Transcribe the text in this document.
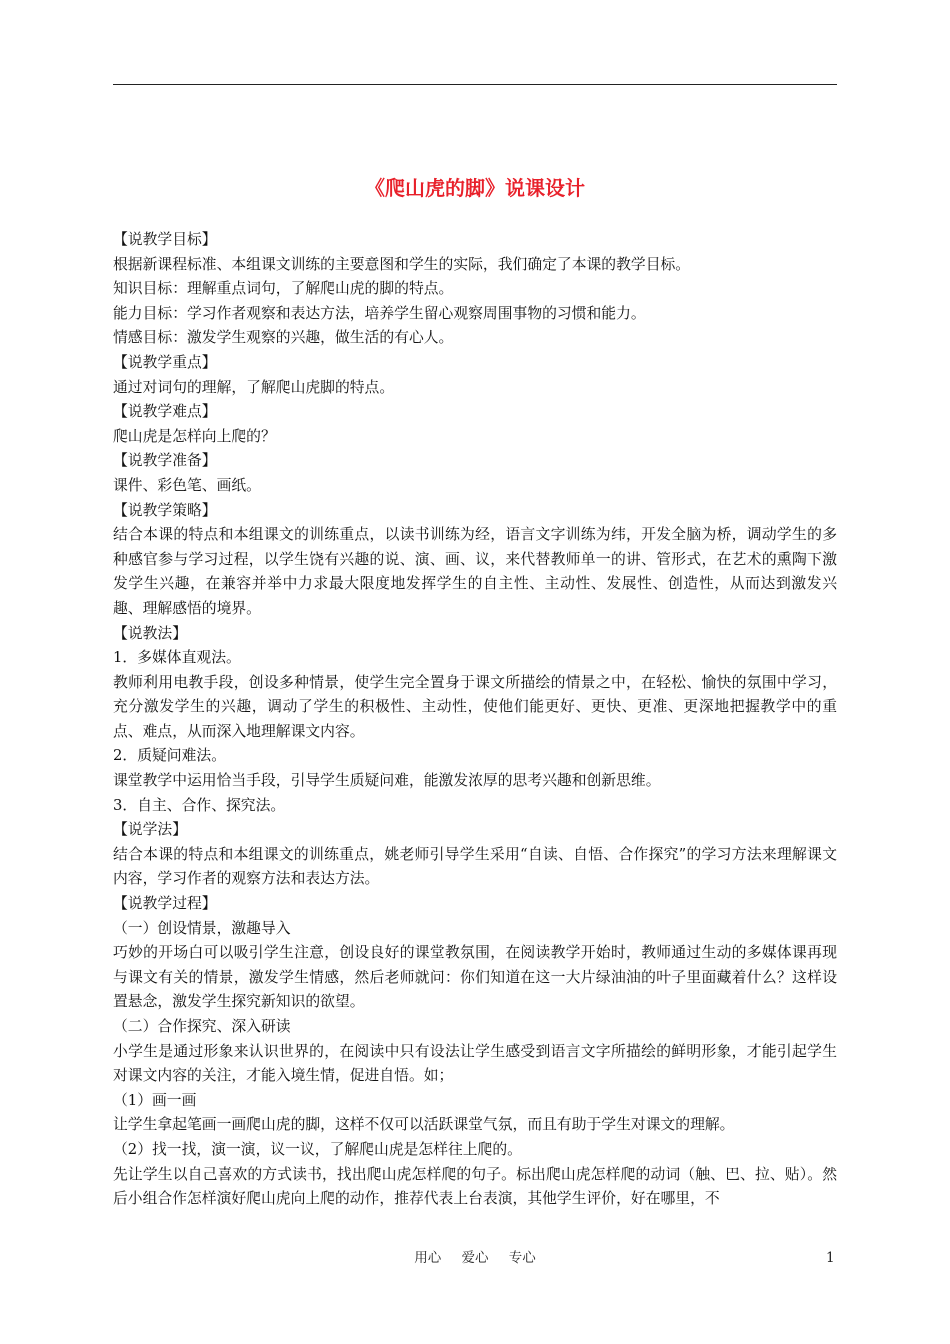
《爬山虎的脚》说课设计

【说教学目标】

根据新课程标准、本组课文训练的主要意图和学生的实际，我们确定了本课的教学目标。

知识目标：理解重点词句，了解爬山虎的脚的特点。

能力目标：学习作者观察和表达方法，培养学生留心观察周围事物的习惯和能力。

情感目标：激发学生观察的兴趣，做生活的有心人。

【说教学重点】

通过对词句的理解，了解爬山虎脚的特点。

【说教学难点】

爬山虎是怎样向上爬的？

【说教学准备】

课件、彩色笔、画纸。

【说教学策略】

结合本课的特点和本组课文的训练重点，以读书训练为经，语言文字训练为纬，开发全脑为桥，调动学生的多种感官参与学习过程，以学生饶有兴趣的说、演、画、议，来代替教师单一的讲、管形式，在艺术的熏陶下激发学生兴趣，在兼容并举中力求最大限度地发挥学生的自主性、主动性、发展性、创造性，从而达到激发兴趣、理解感悟的境界。

【说教法】

1．多媒体直观法。

教师利用电教手段，创设多种情景，使学生完全置身于课文所描绘的情景之中，在轻松、愉快的氛围中学习，充分激发学生的兴趣，调动了学生的积极性、主动性，使他们能更好、更快、更准、更深地把握教学中的重点、难点，从而深入地理解课文内容。

2．质疑问难法。

课堂教学中运用恰当手段，引导学生质疑问难，能激发浓厚的思考兴趣和创新思维。

3．自主、合作、探究法。

【说学法】

结合本课的特点和本组课文的训练重点，姚老师引导学生采用“自读、自悟、合作探究”的学习方法来理解课文内容，学习作者的观察方法和表达方法。

【说教学过程】

（一）创设情景，激趣导入

巧妙的开场白可以吸引学生注意，创设良好的课堂教氛围，在阅读教学开始时，教师通过生动的多媒体课再现与课文有关的情景，激发学生情感，然后老师就问：你们知道在这一大片绿油油的叶子里面藏着什么？这样设置悬念，激发学生探究新知识的欲望。

（二）合作探究、深入研读

小学生是通过形象来认识世界的，在阅读中只有设法让学生感受到语言文字所描绘的鲜明形象，才能引起学生对课文内容的关注，才能入境生情，促进自悟。如；

（1）画一画

让学生拿起笔画一画爬山虎的脚，这样不仅可以活跃课堂气氛，而且有助于学生对课文的理解。

（2）找一找，演一演，议一议，了解爬山虎是怎样往上爬的。

先让学生以自己喜欢的方式读书，找出爬山虎怎样爬的句子。标出爬山虎怎样爬的动词（触、巴、拉、贴）。然后小组合作怎样演好爬山虎向上爬的动作，推荐代表上台表演，其他学生评价，好在哪里，不

用心 爱心 专心	1
